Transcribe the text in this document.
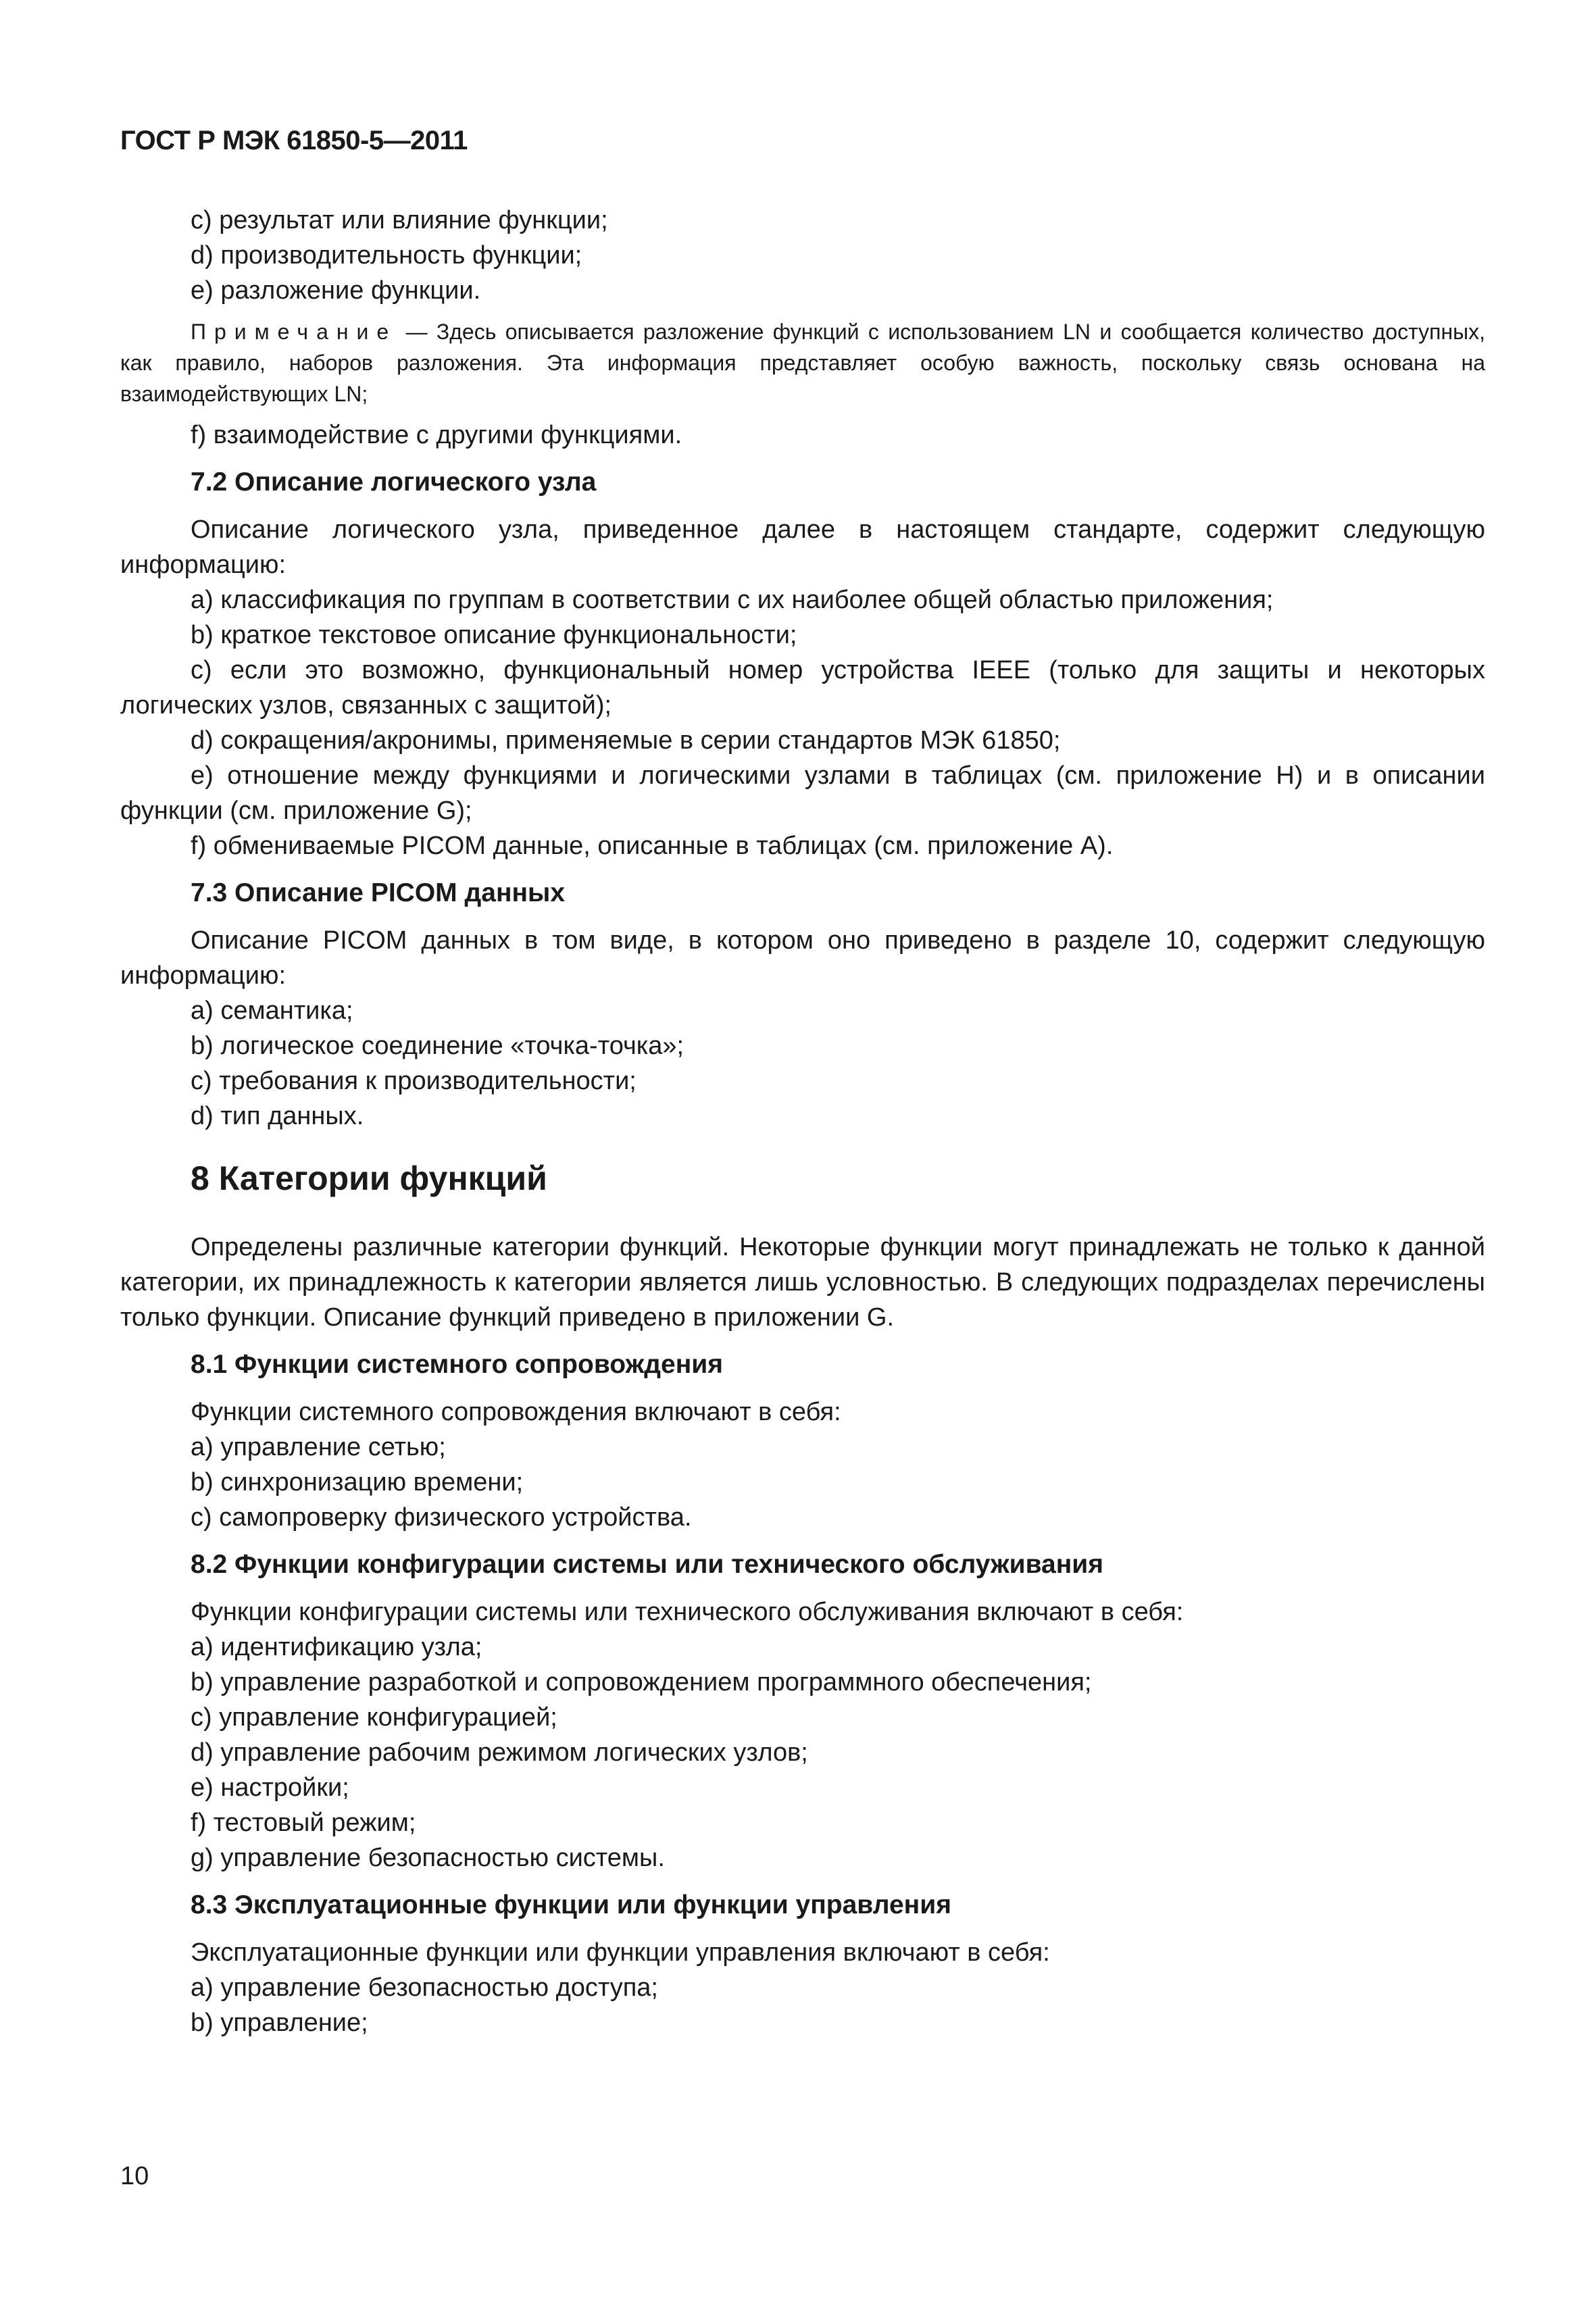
ГОСТ Р МЭК 61850-5—2011
с) результат или влияние функции;
d) производительность функции;
е) разложение функции.
Примечание — Здесь описывается разложение функций с использованием LN и сообщается количество доступных, как правило, наборов разложения. Эта информация представляет особую важность, поскольку связь основана на взаимодействующих LN;
f) взаимодействие с другими функциями.
7.2 Описание логического узла
Описание логического узла, приведенное далее в настоящем стандарте, содержит следующую информацию:
а) классификация по группам в соответствии с их наиболее общей областью приложения;
b) краткое текстовое описание функциональности;
с) если это возможно, функциональный номер устройства IEEE (только для защиты и некоторых логических узлов, связанных с защитой);
d) сокращения/акронимы, применяемые в серии стандартов МЭК 61850;
е) отношение между функциями и логическими узлами в таблицах (см. приложение Н) и в описании функции (см. приложение G);
f) обмениваемые PICOM данные, описанные в таблицах (см. приложение А).
7.3 Описание PICOM данных
Описание PICOM данных в том виде, в котором оно приведено в разделе 10, содержит следующую информацию:
а) семантика;
b) логическое соединение «точка-точка»;
с) требования к производительности;
d) тип данных.
8 Категории функций
Определены различные категории функций. Некоторые функции могут принадлежать не только к данной категории, их принадлежность к категории является лишь условностью. В следующих подразделах перечислены только функции. Описание функций приведено в приложении G.
8.1 Функции системного сопровождения
Функции системного сопровождения включают в себя:
а) управление сетью;
b) синхронизацию времени;
с) самопроверку физического устройства.
8.2 Функции конфигурации системы или технического обслуживания
Функции конфигурации системы или технического обслуживания включают в себя:
а) идентификацию узла;
b) управление разработкой и сопровождением программного обеспечения;
с) управление конфигурацией;
d) управление рабочим режимом логических узлов;
е) настройки;
f) тестовый режим;
g) управление безопасностью системы.
8.3 Эксплуатационные функции или функции управления
Эксплуатационные функции или функции управления включают в себя:
а) управление безопасностью доступа;
b) управление;
10
